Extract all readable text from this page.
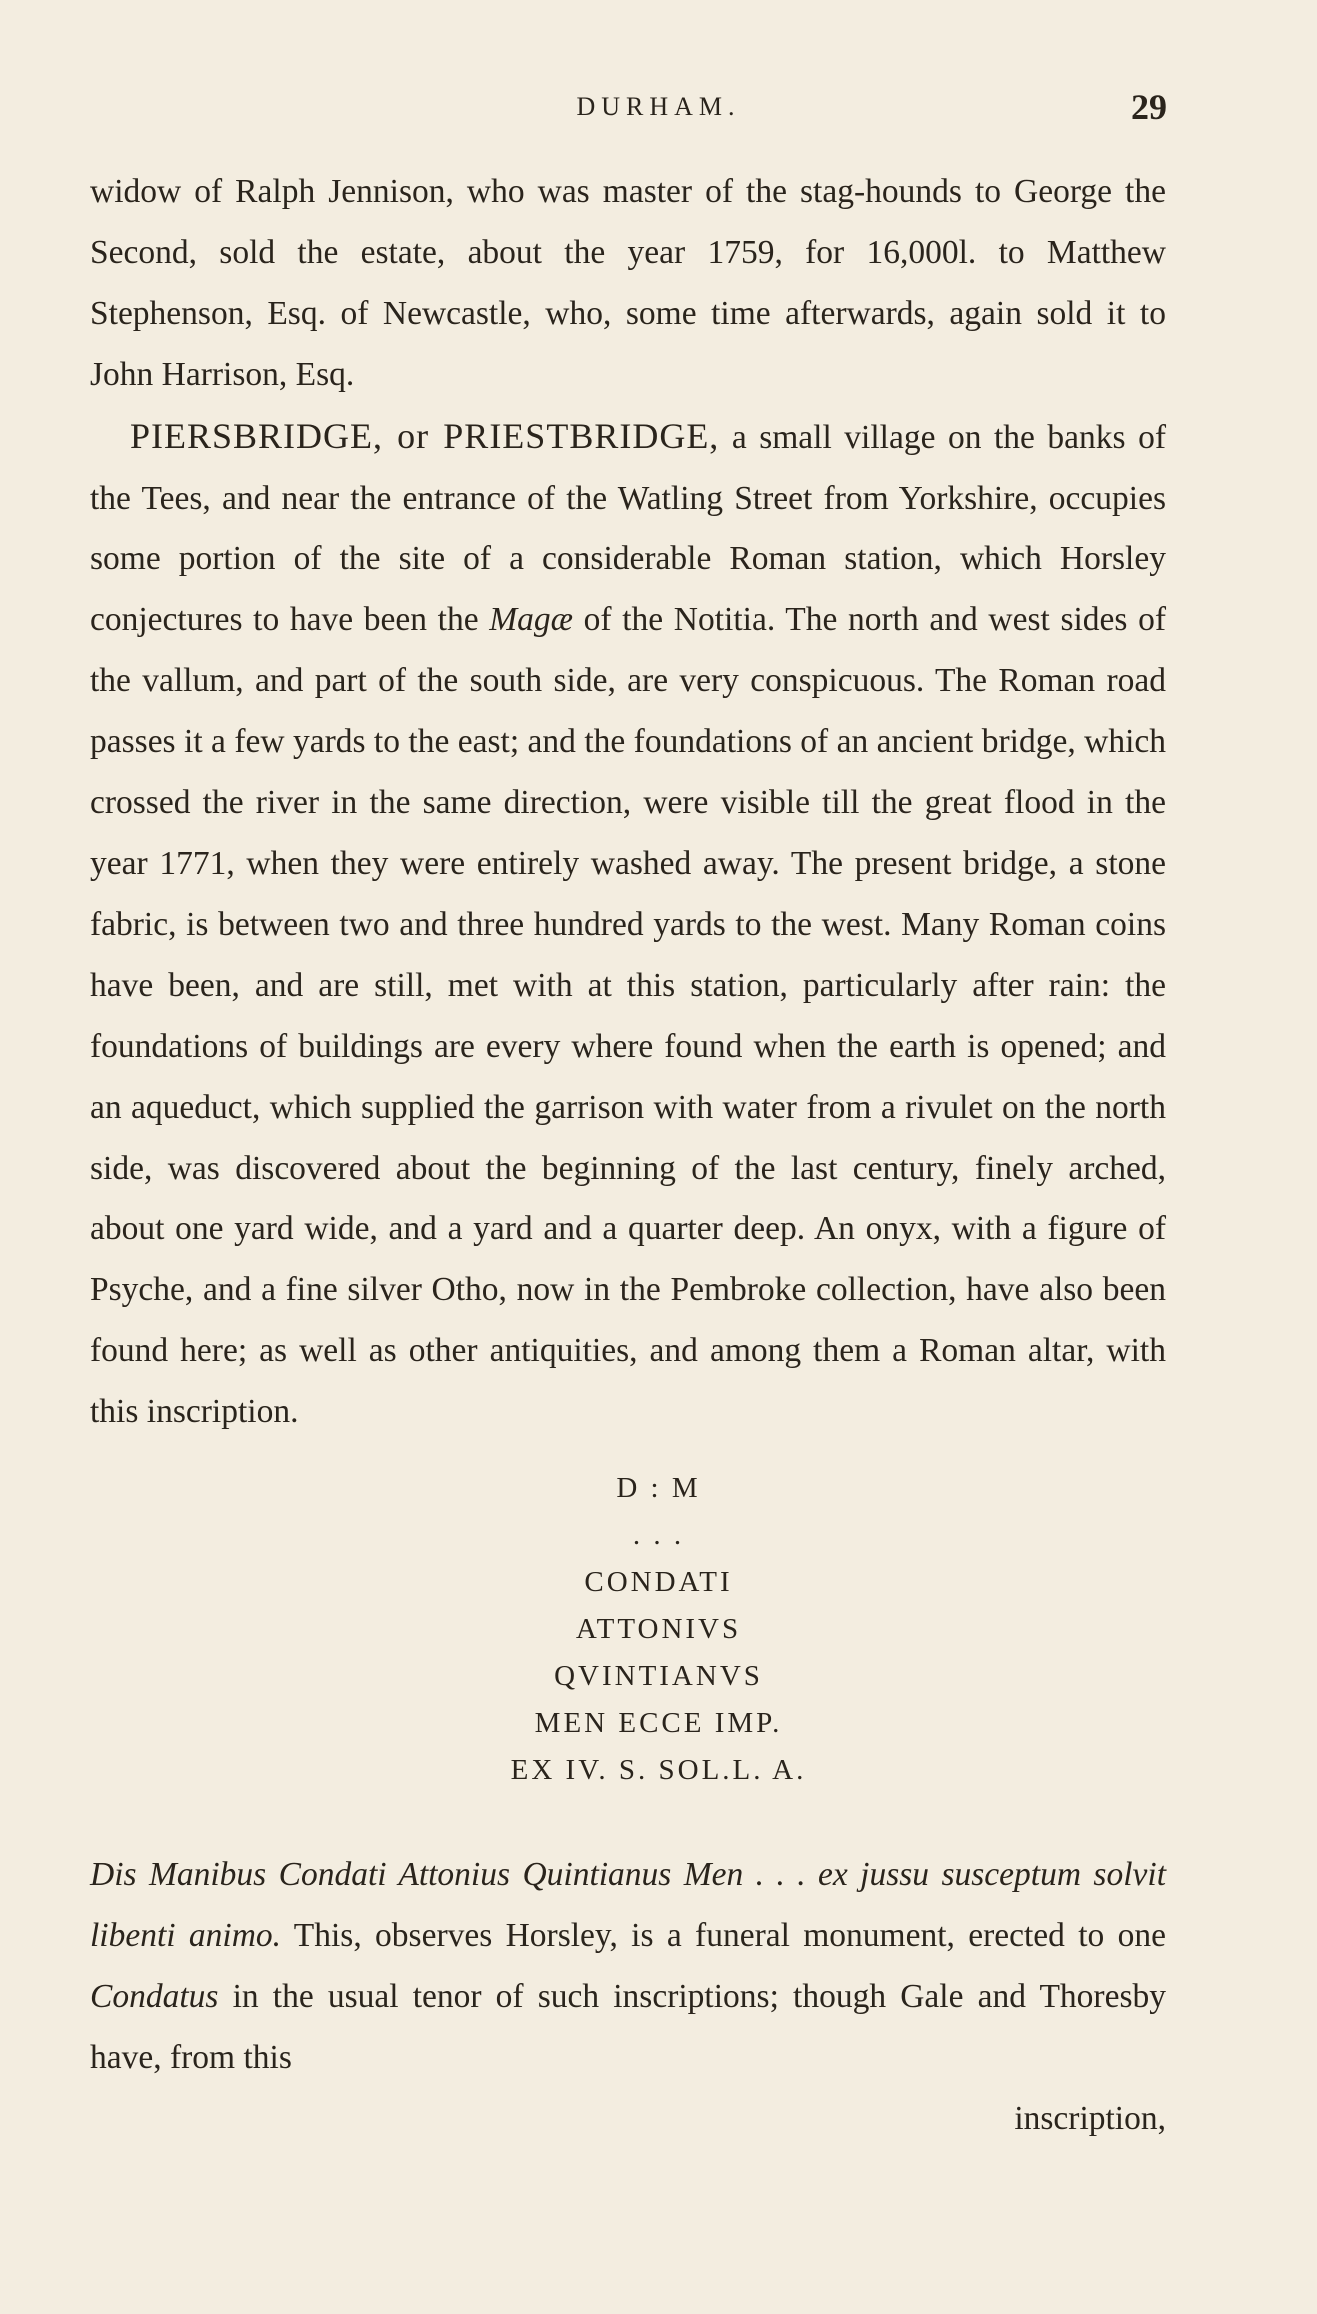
DURHAM.	29

widow of Ralph Jennison, who was master of the stag-hounds to George the Second, sold the estate, about the year 1759, for 16,000l. to Matthew Stephenson, Esq. of Newcastle, who, some time afterwards, again sold it to John Harrison, Esq.

PIERSBRIDGE, or PRIESTBRIDGE, a small village on the banks of the Tees, and near the entrance of the Watling Street from Yorkshire, occupies some portion of the site of a considerable Roman station, which Horsley conjectures to have been the Magæ of the Notitia. The north and west sides of the vallum, and part of the south side, are very conspicuous. The Roman road passes it a few yards to the east; and the foundations of an ancient bridge, which crossed the river in the same direction, were visible till the great flood in the year 1771, when they were entirely washed away. The present bridge, a stone fabric, is between two and three hundred yards to the west. Many Roman coins have been, and are still, met with at this station, particularly after rain: the foundations of buildings are every where found when the earth is opened; and an aqueduct, which supplied the garrison with water from a rivulet on the north side, was discovered about the beginning of the last century, finely arched, about one yard wide, and a yard and a quarter deep. An onyx, with a figure of Psyche, and a fine silver Otho, now in the Pembroke collection, have also been found here; as well as other antiquities, and among them a Roman altar, with this inscription.

D : M
. . .
CONDATI
ATTONIVS
QVINTIANVS
MEN ECCE IMP.
EX IV. S. SOL.L. A.

Dis Manibus Condati Attonius Quintianus Men . . . ex jussu susceptum solvit libenti animo. This, observes Horsley, is a funeral monument, erected to one Condatus in the usual tenor of such inscriptions; though Gale and Thoresby have, from this

inscription,
